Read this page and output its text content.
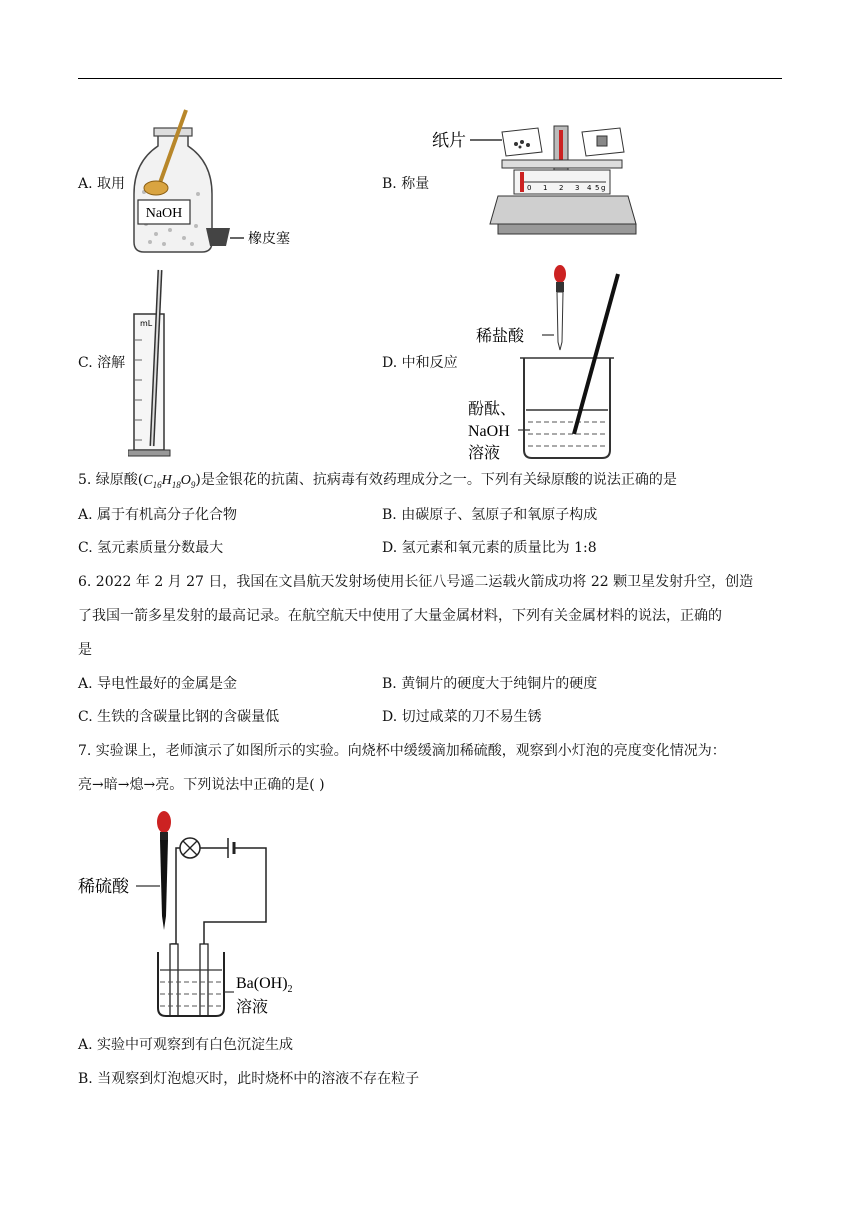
A. 取用	B. 称量
C. 溶解	D. 中和反应
NaOH
橡皮塞
纸片
0 1 2 3 4 5 g
mL
稀盐酸
酚酞、
NaOH
溶液
5. 绿原酸$(C_{16}H_{18}O_9)$是金银花的抗菌、抗病毒有效药理成分之一。下列有关绿原酸的说法正确的是
A. 属于有机高分子化合物	B. 由碳原子、氢原子和氧原子构成
C. 氢元素质量分数最大	D. 氢元素和氧元素的质量比为 1:8
6. 2022 年 2 月 27 日，我国在文昌航天发射场使用长征八号遥二运载火箭成功将 22 颗卫星发射升空，创造
了我国一箭多星发射的最高记录。在航空航天中使用了大量金属材料，下列有关金属材料的说法，正确的
是
A. 导电性最好的金属是金	B. 黄铜片的硬度大于纯铜片的硬度
C. 生铁的含碳量比钢的含碳量低	D. 切过咸菜的刀不易生锈
7. 实验课上，老师演示了如图所示的实验。向烧杯中缓缓滴加稀硫酸，观察到小灯泡的亮度变化情况为：
亮→暗→熄→亮。下列说法中正确的是( )
稀硫酸
$Ba(OH)_2$
溶液
A. 实验中可观察到有白色沉淀生成
B. 当观察到灯泡熄灭时，此时烧杯中的溶液不存在粒子
